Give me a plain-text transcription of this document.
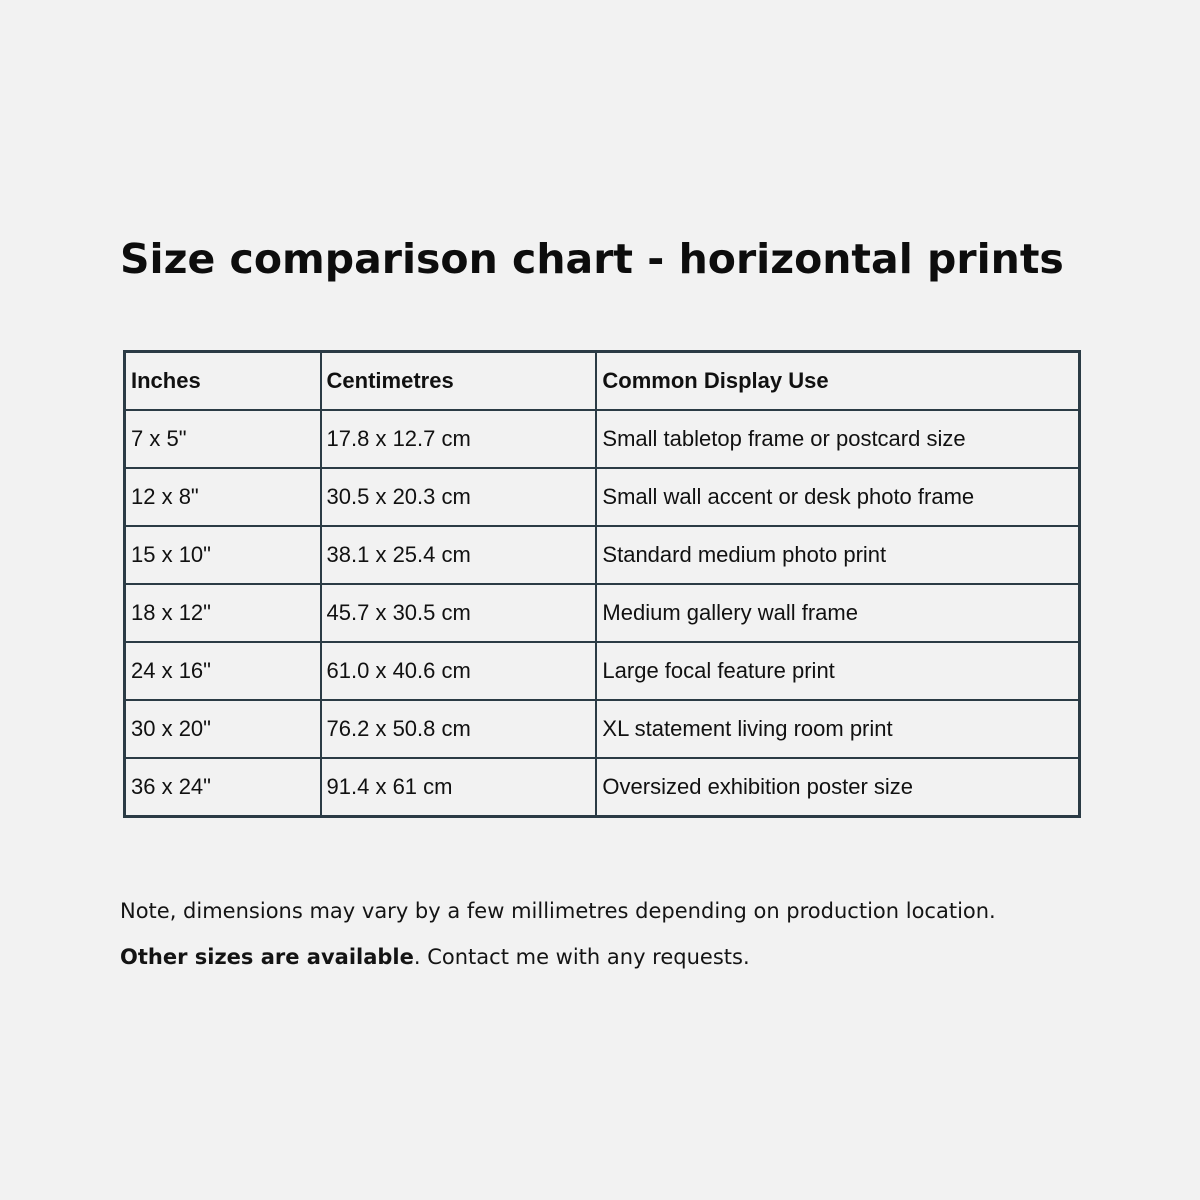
Size comparison chart - horizontal prints
Inches	Centimetres	Common Display Use
7 x 5"	17.8 x 12.7 cm	Small tabletop frame or postcard size
12 x 8"	30.5 x 20.3 cm	Small wall accent or desk photo frame
15 x 10"	38.1 x 25.4 cm	Standard medium photo print
18 x 12"	45.7 x 30.5 cm	Medium gallery wall frame
24 x 16"	61.0 x 40.6 cm	Large focal feature print
30 x 20"	76.2 x 50.8 cm	XL statement living room print
36 x 24"	91.4 x 61 cm	Oversized exhibition poster size

Note, dimensions may vary by a few millimetres depending on production location.

Other sizes are available. Contact me with any requests.
